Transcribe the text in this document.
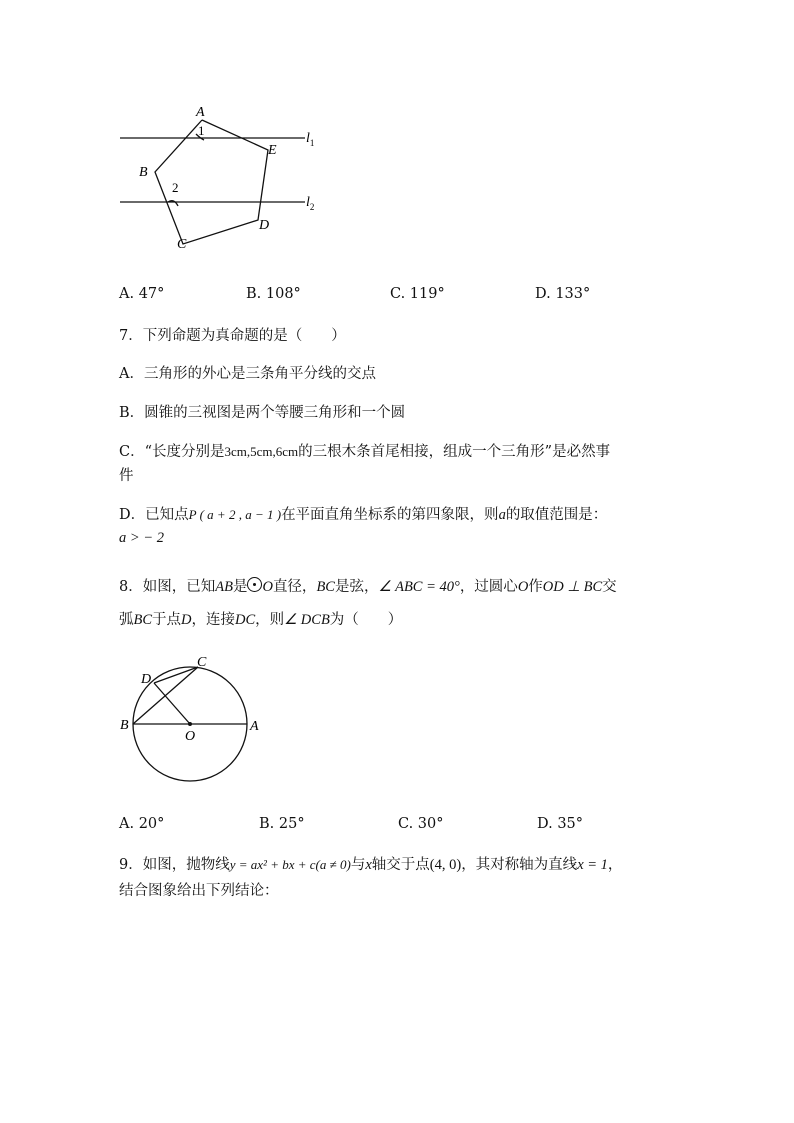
A
1
E
B
2
D
C
$l_1$
$l_2$
A. 47°	B. 108°	C. 119°	D. 133°
7．下列命题为真命题的是（　　）
A．三角形的外心是三条角平分线的交点
B．圆锥的三视图是两个等腰三角形和一个圆
C．“长度分别是3cm,5cm,6cm的三根木条首尾相接，组成一个三角形”是必然事
件
D．已知点P ( a + 2 , a − 1 )在平面直角坐标系的第四象限，则a的取值范围是：
a > − 2
8．如图，已知AB是 O直径，BC是弦，∠ ABC = 40°，过圆心O作OD ⊥ BC交
弧BC于点D，连接DC，则∠ DCB为（　　）
C
D
B	A
O
A. 20°	B. 25°	C. 30°	D. 35°
9．如图，抛物线y = ax² + bx + c(a ≠ 0)与x轴交于点(4, 0)，其对称轴为直线x = 1，
结合图象给出下列结论：
